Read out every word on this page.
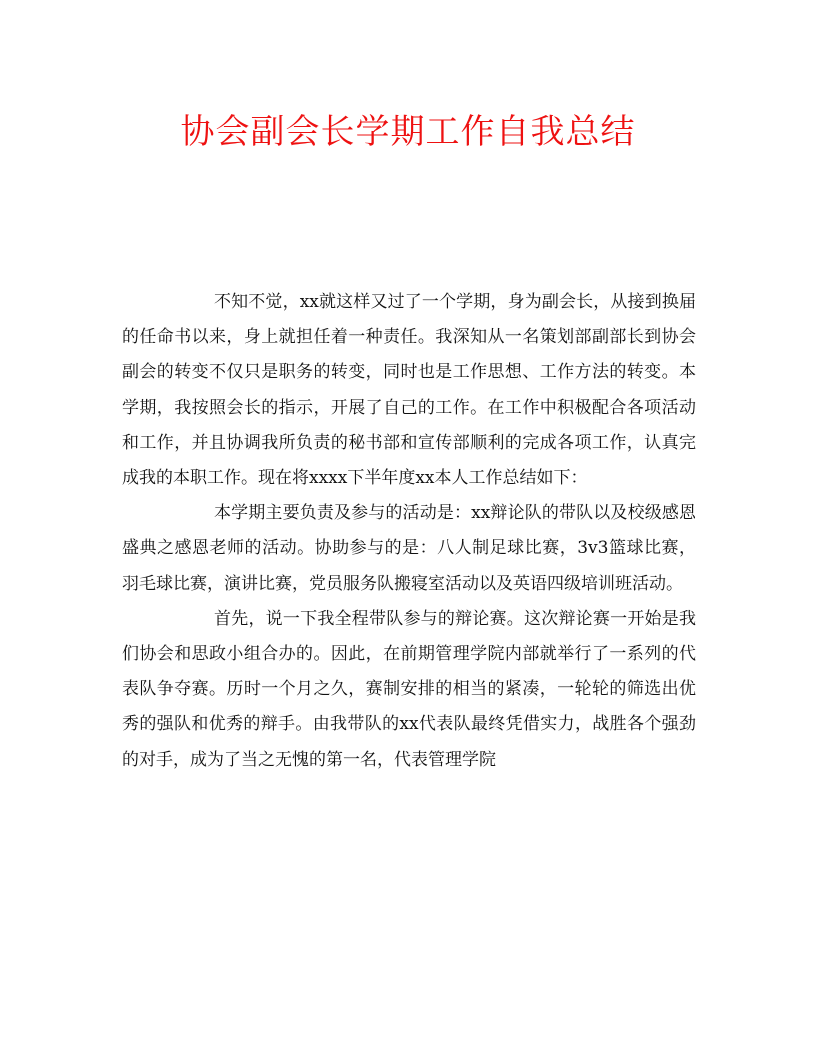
协会副会长学期工作自我总结

不知不觉，xx就这样又过了一个学期，身为副会长，从接到换届的任命书以来，身上就担任着一种责任。我深知从一名策划部副部长到协会副会的转变不仅只是职务的转变，同时也是工作思想、工作方法的转变。本学期，我按照会长的指示，开展了自己的工作。在工作中积极配合各项活动和工作，并且协调我所负责的秘书部和宣传部顺利的完成各项工作，认真完成我的本职工作。现在将xxxx下半年度xx本人工作总结如下：

本学期主要负责及参与的活动是：xx辩论队的带队以及校级感恩盛典之感恩老师的活动。协助参与的是：八人制足球比赛，3v3篮球比赛，羽毛球比赛，演讲比赛，党员服务队搬寝室活动以及英语四级培训班活动。

首先，说一下我全程带队参与的辩论赛。这次辩论赛一开始是我们协会和思政小组合办的。因此，在前期管理学院内部就举行了一系列的代表队争夺赛。历时一个月之久，赛制安排的相当的紧凑，一轮轮的筛选出优秀的强队和优秀的辩手。由我带队的xx代表队最终凭借实力，战胜各个强劲的对手，成为了当之无愧的第一名，代表管理学院
